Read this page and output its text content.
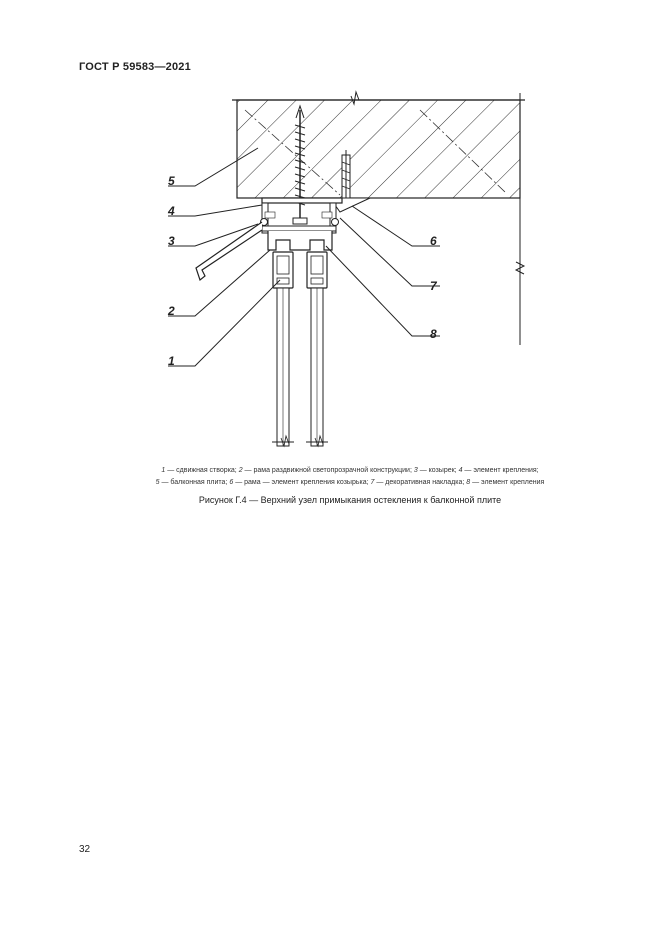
ГОСТ Р 59583—2021
5
4
3
2
1
6
7
8
1 — сдвижная створка; 2 — рама раздвижной светопрозрачной конструкции; 3 — козырек; 4 — элемент крепления;
5 — балконная плита; 6 — рама — элемент крепления козырька; 7 — декоративная накладка; 8 — элемент крепления
Рисунок Г.4 — Верхний узел примыкания остекления к балконной плите
32
